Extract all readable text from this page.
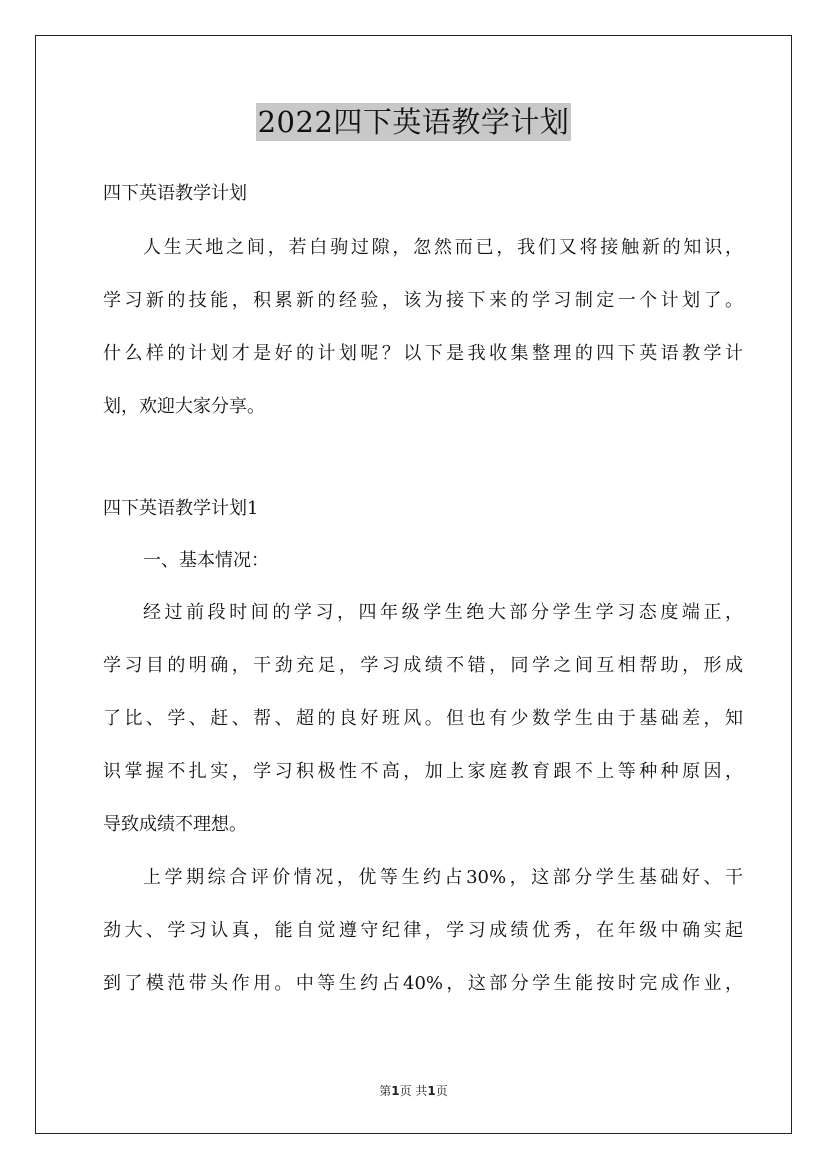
2022四下英语教学计划
四下英语教学计划
人生天地之间，若白驹过隙，忽然而已，我们又将接触新的知识，
学习新的技能，积累新的经验，该为接下来的学习制定一个计划了。
什么样的计划才是好的计划呢？以下是我收集整理的四下英语教学计
划，欢迎大家分享。
四下英语教学计划1
一、基本情况：
经过前段时间的学习，四年级学生绝大部分学生学习态度端正，
学习目的明确，干劲充足，学习成绩不错，同学之间互相帮助，形成
了比、学、赶、帮、超的良好班风。但也有少数学生由于基础差，知
识掌握不扎实，学习积极性不高，加上家庭教育跟不上等种种原因，
导致成绩不理想。
上学期综合评价情况，优等生约占30%，这部分学生基础好、干
劲大、学习认真，能自觉遵守纪律，学习成绩优秀，在年级中确实起
到了模范带头作用。中等生约占40%，这部分学生能按时完成作业，
第1页 共1页
